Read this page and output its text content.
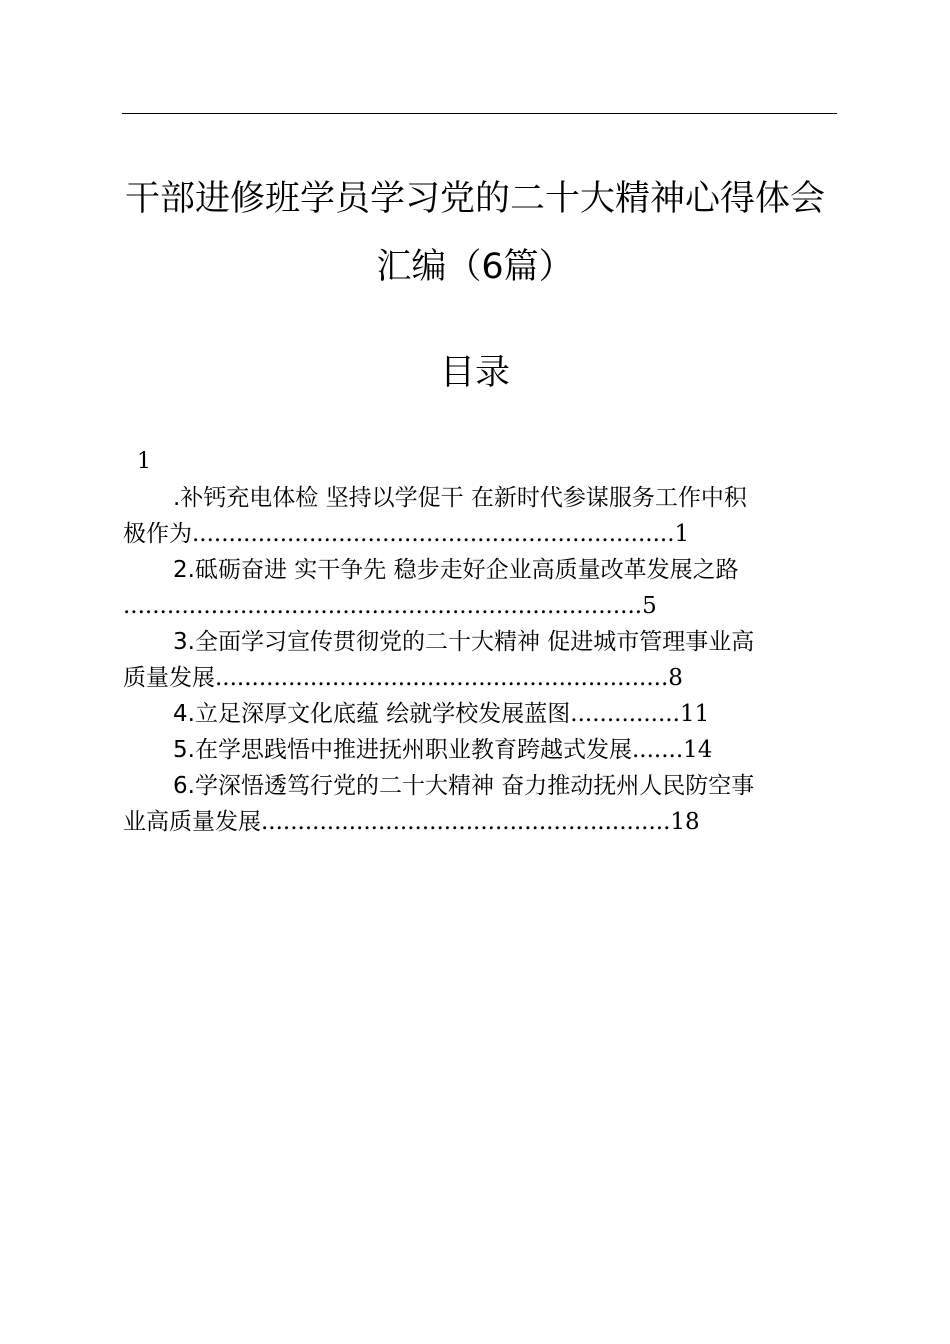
干部进修班学员学习党的二十大精神心得体会
汇编（6篇）
目录
1
.补钙充电体检 坚持以学促干 在新时代参谋服务工作中积
极作为..................................................................1
2.砥砺奋进 实干争先 稳步走好企业高质量改革发展之路
.......................................................................5
3.全面学习宣传贯彻党的二十大精神 促进城市管理事业高
质量发展..............................................................8
4.立足深厚文化底蕴 绘就学校发展蓝图...............11
5.在学思践悟中推进抚州职业教育跨越式发展.......14
6.学深悟透笃行党的二十大精神 奋力推动抚州人民防空事
业高质量发展........................................................18
